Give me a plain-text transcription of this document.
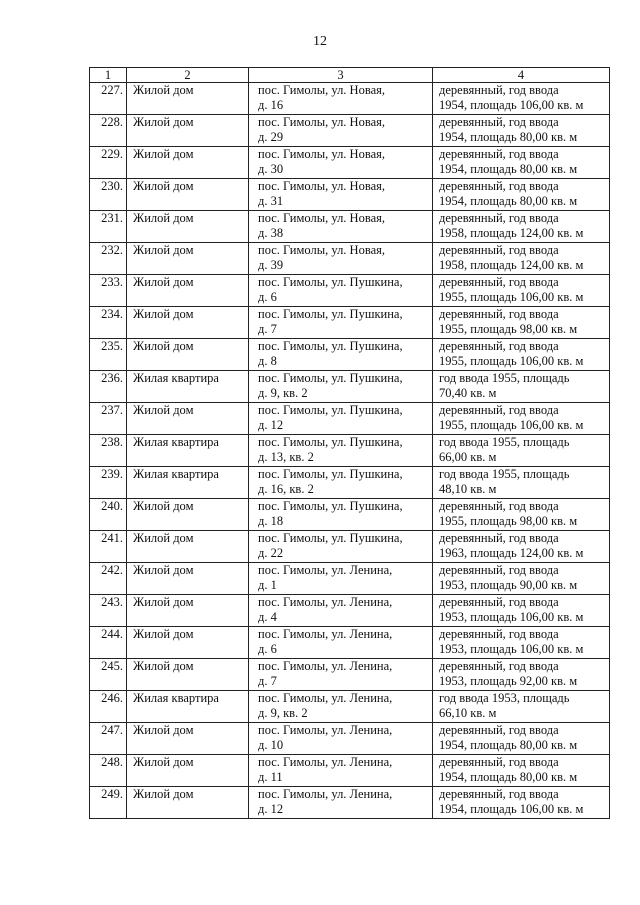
12
1	2	3	4

227.	Жилой дом	пос. Гимолы, ул. Новая,
д. 16	деревянный, год ввода
1954, площадь 106,00 кв. м

228.	Жилой дом	пос. Гимолы, ул. Новая,
д. 29	деревянный, год ввода
1954, площадь 80,00 кв. м

229.	Жилой дом	пос. Гимолы, ул. Новая,
д. 30	деревянный, год ввода
1954, площадь 80,00 кв. м

230.	Жилой дом	пос. Гимолы, ул. Новая,
д. 31	деревянный, год ввода
1954, площадь 80,00 кв. м

231.	Жилой дом	пос. Гимолы, ул. Новая,
д. 38	деревянный, год ввода
1958, площадь 124,00 кв. м

232.	Жилой дом	пос. Гимолы, ул. Новая,
д. 39	деревянный, год ввода
1958, площадь 124,00 кв. м

233.	Жилой дом	пос. Гимолы, ул. Пушкина,
д. 6	деревянный, год ввода
1955, площадь 106,00 кв. м

234.	Жилой дом	пос. Гимолы, ул. Пушкина,
д. 7	деревянный, год ввода
1955, площадь 98,00 кв. м

235.	Жилой дом	пос. Гимолы, ул. Пушкина,
д. 8	деревянный, год ввода
1955, площадь 106,00 кв. м

236.	Жилая квартира	пос. Гимолы, ул. Пушкина,
д. 9, кв. 2	год ввода 1955, площадь
70,40 кв. м

237.	Жилой дом	пос. Гимолы, ул. Пушкина,
д. 12	деревянный, год ввода
1955, площадь 106,00 кв. м

238.	Жилая квартира	пос. Гимолы, ул. Пушкина,
д. 13, кв. 2	год ввода 1955, площадь
66,00 кв. м

239.	Жилая квартира	пос. Гимолы, ул. Пушкина,
д. 16, кв. 2	год ввода 1955, площадь
48,10 кв. м

240.	Жилой дом	пос. Гимолы, ул. Пушкина,
д. 18	деревянный, год ввода
1955, площадь 98,00 кв. м

241.	Жилой дом	пос. Гимолы, ул. Пушкина,
д. 22	деревянный, год ввода
1963, площадь 124,00 кв. м

242.	Жилой дом	пос. Гимолы, ул. Ленина,
д. 1	деревянный, год ввода
1953, площадь 90,00 кв. м

243.	Жилой дом	пос. Гимолы, ул. Ленина,
д. 4	деревянный, год ввода
1953, площадь 106,00 кв. м

244.	Жилой дом	пос. Гимолы, ул. Ленина,
д. 6	деревянный, год ввода
1953, площадь 106,00 кв. м

245.	Жилой дом	пос. Гимолы, ул. Ленина,
д. 7	деревянный, год ввода
1953, площадь 92,00 кв. м

246.	Жилая квартира	пос. Гимолы, ул. Ленина,
д. 9, кв. 2	год ввода 1953, площадь
66,10 кв. м

247.	Жилой дом	пос. Гимолы, ул. Ленина,
д. 10	деревянный, год ввода
1954, площадь 80,00 кв. м

248.	Жилой дом	пос. Гимолы, ул. Ленина,
д. 11	деревянный, год ввода
1954, площадь 80,00 кв. м

249.	Жилой дом	пос. Гимолы, ул. Ленина,
д. 12	деревянный, год ввода
1954, площадь 106,00 кв. м
